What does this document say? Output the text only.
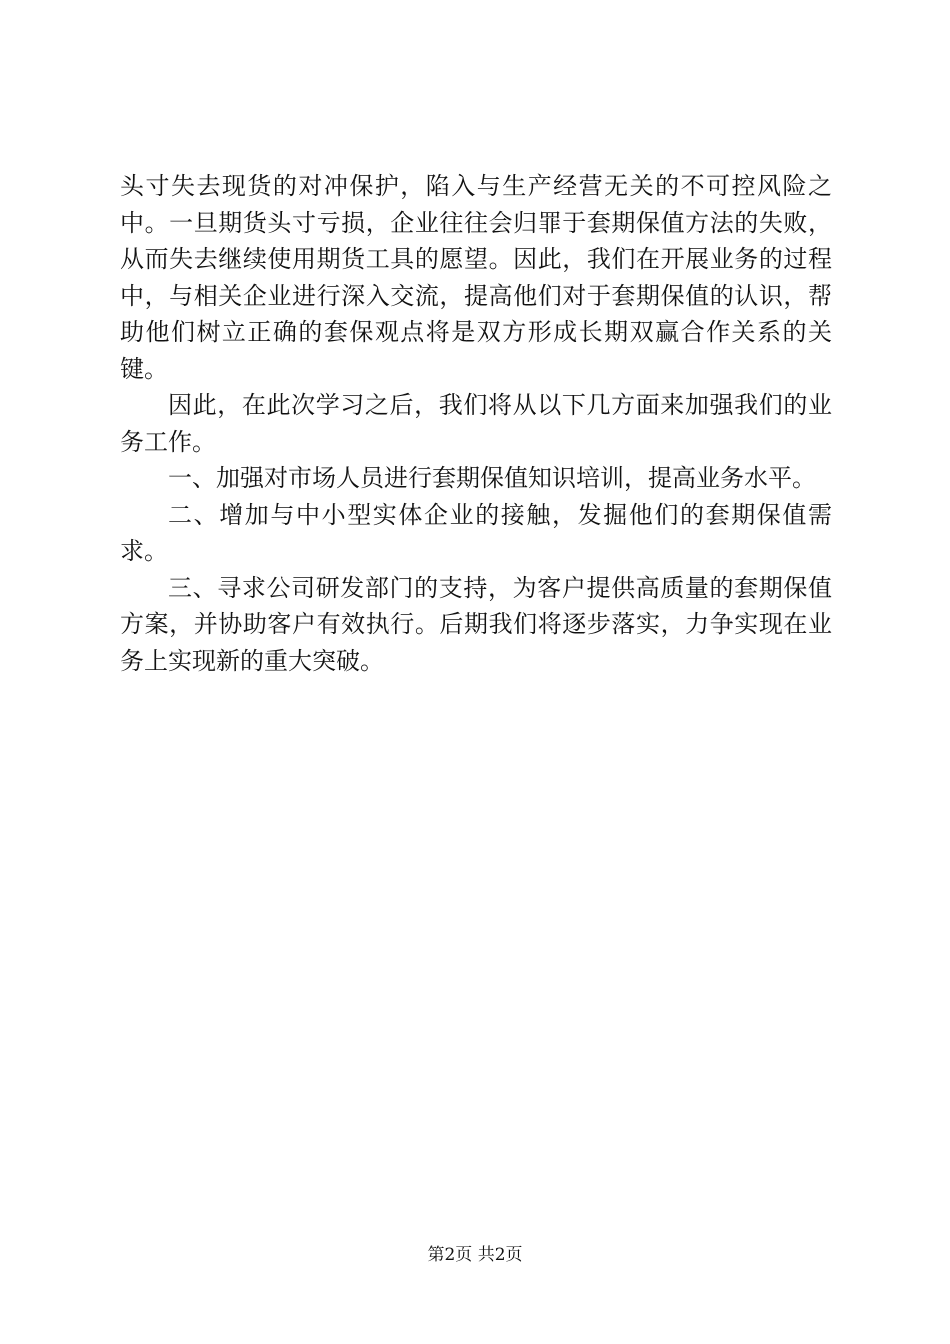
头寸失去现货的对冲保护，陷入与生产经营无关的不可控风险之中。一旦期货头寸亏损，企业往往会归罪于套期保值方法的失败，从而失去继续使用期货工具的愿望。因此，我们在开展业务的过程中，与相关企业进行深入交流，提高他们对于套期保值的认识，帮助他们树立正确的套保观点将是双方形成长期双赢合作关系的关键。

因此，在此次学习之后，我们将从以下几方面来加强我们的业务工作。

一、加强对市场人员进行套期保值知识培训，提高业务水平。

二、增加与中小型实体企业的接触，发掘他们的套期保值需求。

三、寻求公司研发部门的支持，为客户提供高质量的套期保值方案，并协助客户有效执行。后期我们将逐步落实，力争实现在业务上实现新的重大突破。

第2页 共2页
